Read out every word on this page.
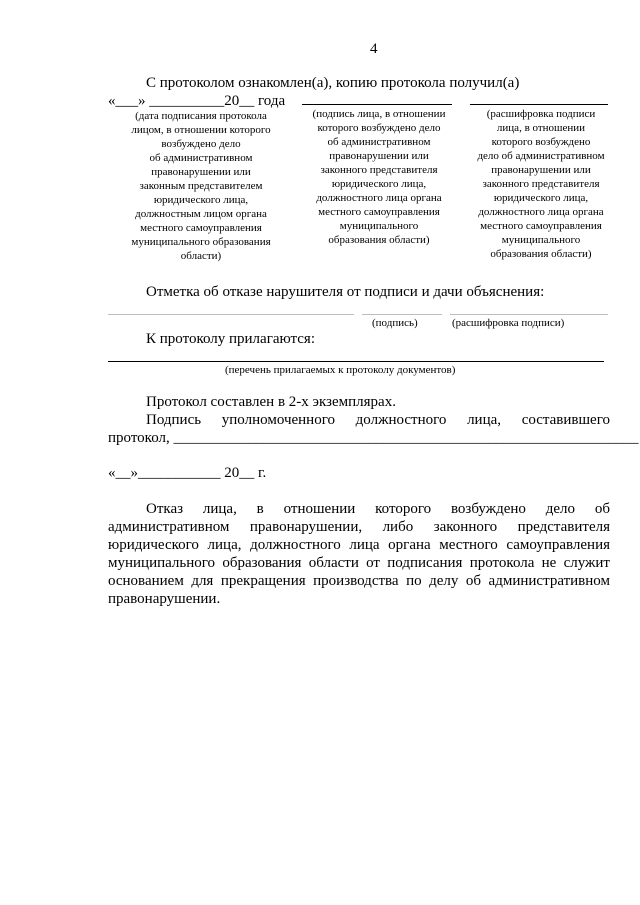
4
С протоколом ознакомлен(а), копию протокола получил(а)
«___» __________20__ года
(дата подписания протокола
лицом, в отношении которого
возбуждено дело
об административном
правонарушении или
законным представителем
юридического лица,
должностным лицом органа
местного самоуправления
муниципального образования
области)
(подпись лица, в отношении
которого возбуждено дело
об административном
правонарушении или
законного представителя
юридического лица,
должностного лица органа
местного самоуправления
муниципального
образования области)
(расшифровка подписи
лица, в отношении
которого возбуждено
дело об административном
правонарушении или
законного представителя
юридического лица,
должностного лица органа
местного самоуправления
муниципального
образования области)
Отметка об отказе нарушителя от подписи и дачи объяснения:
(подпись)	(расшифровка подписи)
К протоколу прилагаются:
(перечень прилагаемых к протоколу документов)
Протокол составлен в 2-х экземплярах.
Подпись уполномоченного должностного лица, составившего
протокол, ______________________________________________________________
«__»___________ 20__ г.
Отказ лица, в отношении которого возбуждено дело об
административном правонарушении, либо законного представителя
юридического лица, должностного лица органа местного самоуправления
муниципального образования области от подписания протокола не служит
основанием для прекращения производства по делу об административном
правонарушении.
